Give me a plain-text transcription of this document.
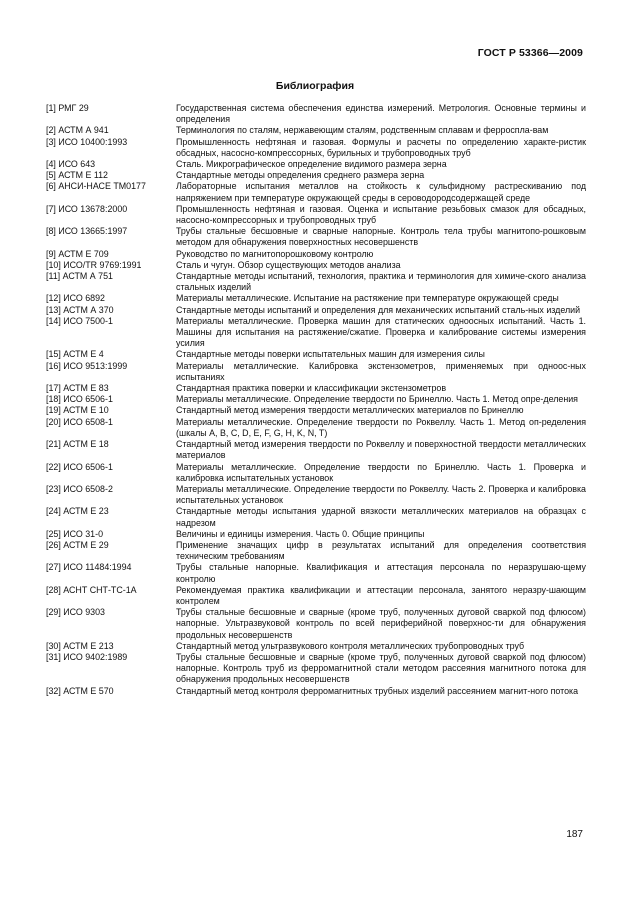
ГОСТ Р 53366—2009
Библиография
[1] РМГ 29	Государственная система обеспечения единства измерений. Метрология. Основные термины и определения
[2] АСТМ А 941	Терминология по сталям, нержавеющим сталям, родственным сплавам и ферроспла-вам
[3] ИСО 10400:1993	Промышленность нефтяная и газовая. Формулы и расчеты по определению характе-ристик обсадных, насосно-компрессорных, бурильных и трубопроводных труб
[4] ИСО 643	Сталь. Микрографическое определение видимого размера зерна
[5] АСТМ Е 112	Стандартные методы определения среднего размера зерна
[6] АНСИ-НАСЕ ТМ0177	Лабораторные испытания металлов на стойкость к сульфидному растрескиванию под напряжением при температуре окружающей среды в сероводородсодержащей среде
[7] ИСО 13678:2000	Промышленность нефтяная и газовая. Оценка и испытание резьбовых смазок для обсадных, насосно-компрессорных и трубопроводных труб
[8] ИСО 13665:1997	Трубы стальные бесшовные и сварные напорные. Контроль тела трубы магнитопо-рошковым методом для обнаружения поверхностных несовершенств
[9] АСТМ Е 709	Руководство по магнитопорошковому контролю
[10] ИСО/TR 9769:1991	Сталь и чугун. Обзор существующих методов анализа
[11] АСТМ А 751	Стандартные методы испытаний, технология, практика и терминология для химиче-ского анализа стальных изделий
[12] ИСО 6892	Материалы металлические. Испытание на растяжение при температуре окружающей среды
[13] АСТМ А 370	Стандартные методы испытаний и определения для механических испытаний сталь-ных изделий
[14] ИСО 7500-1	Материалы металлические. Проверка машин для статических одноосных испытаний. Часть 1. Машины для испытания на растяжение/сжатие. Проверка и калибрование системы измерения усилия
[15] АСТМ Е 4	Стандартные методы поверки испытательных машин для измерения силы
[16] ИСО 9513:1999	Материалы металлические. Калибровка экстензометров, применяемых при одноос-ных испытаниях
[17] АСТМ Е 83	Стандартная практика поверки и классификации экстензометров
[18] ИСО 6506-1	Материалы металлические. Определение твердости по Бринеллю. Часть 1. Метод опре-деления
[19] АСТМ Е 10	Стандартный метод измерения твердости металлических материалов по Бринеллю
[20] ИСО 6508-1	Материалы металлические. Определение твердости по Роквеллу. Часть 1. Метод оп-ределения (шкалы A, B, C, D, E, F, G, H, K, N, T)
[21] АСТМ Е 18	Стандартный метод измерения твердости по Роквеллу и поверхностной твердости металлических материалов
[22] ИСО 6506-1	Материалы металлические. Определение твердости по Бринеллю. Часть 1. Проверка и калибровка испытательных установок
[23] ИСО 6508-2	Материалы металлические. Определение твердости по Роквеллу. Часть 2. Проверка и калибровка испытательных установок
[24] АСТМ Е 23	Стандартные методы испытания ударной вязкости металлических материалов на образцах с надрезом
[25] ИСО 31-0	Величины и единицы измерения. Часть 0. Общие принципы
[26] АСТМ Е 29	Применение значащих цифр в результатах испытаний для определения соответствия техническим требованиям
[27] ИСО 11484:1994	Трубы стальные напорные. Квалификация и аттестация персонала по неразрушаю-щему контролю
[28] АСНТ СНТ-ТС-1А	Рекомендуемая практика квалификации и аттестации персонала, занятого неразру-шающим контролем
[29] ИСО 9303	Трубы стальные бесшовные и сварные (кроме труб, полученных дуговой сваркой под флюсом) напорные. Ультразвуковой контроль по всей периферийной поверхнос-ти для обнаружения продольных несовершенств
[30] АСТМ Е 213	Стандартный метод ультразвукового контроля металлических трубопроводных труб
[31] ИСО 9402:1989	Трубы стальные бесшовные и сварные (кроме труб, полученных дуговой сваркой под флюсом) напорные. Контроль труб из ферромагнитной стали методом рассеяния магнитного потока для обнаружения продольных несовершенств
[32] АСТМ Е 570	Стандартный метод контроля ферромагнитных трубных изделий рассеянием магнит-ного потока
187
